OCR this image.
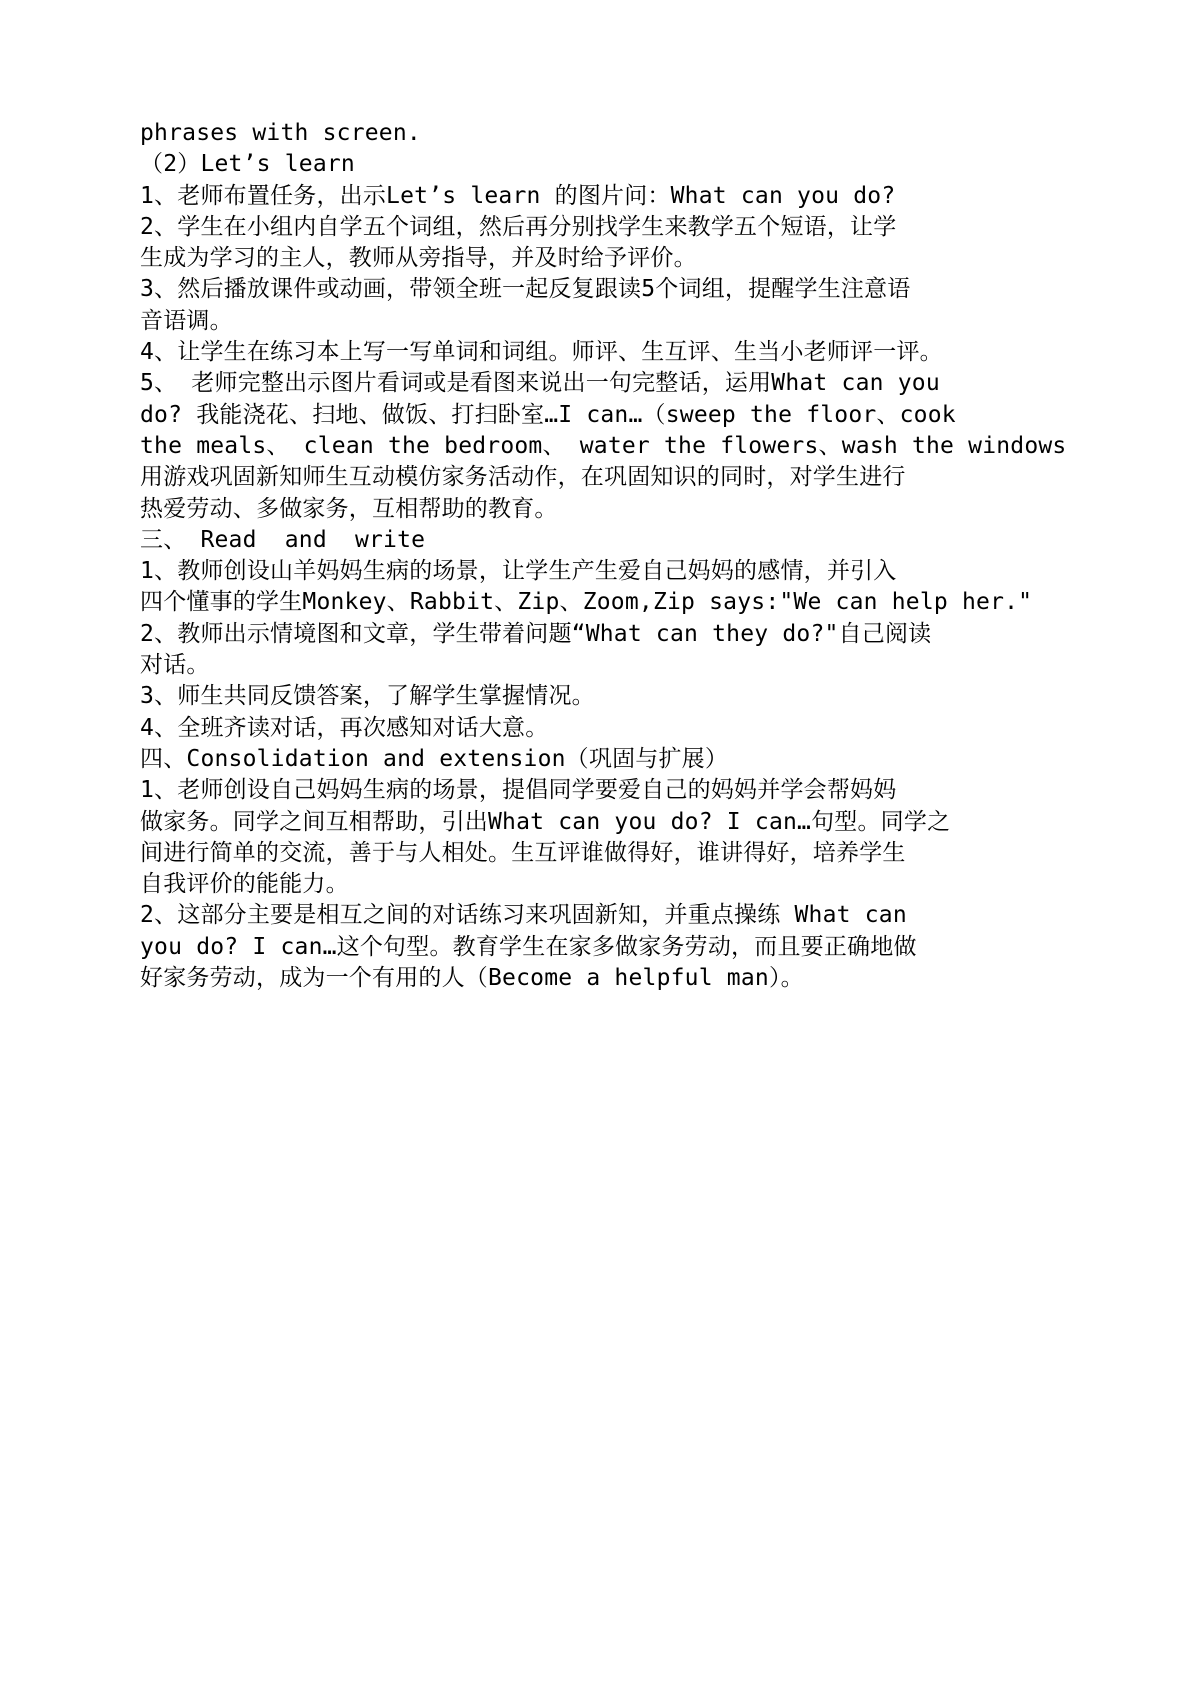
phrases with screen.
（2）Let’s learn
1、老师布置任务，出示Let’s learn 的图片问：What can you do?
2、学生在小组内自学五个词组，然后再分别找学生来教学五个短语，让学
生成为学习的主人，教师从旁指导，并及时给予评价。
3、然后播放课件或动画，带领全班一起反复跟读5个词组，提醒学生注意语
音语调。
4、让学生在练习本上写一写单词和词组。师评、生互评、生当小老师评一评。
5、 老师完整出示图片看词或是看图来说出一句完整话，运用What can you
do? 我能浇花、扫地、做饭、打扫卧室…I can…（sweep the floor、cook
the meals、 clean the bedroom、 water the flowers、wash the windows
用游戏巩固新知师生互动模仿家务活动作，在巩固知识的同时，对学生进行
热爱劳动、多做家务，互相帮助的教育。
三、 Read  and  write
1、教师创设山羊妈妈生病的场景，让学生产生爱自己妈妈的感情，并引入
四个懂事的学生Monkey、Rabbit、Zip、Zoom,Zip says:"We can help her."
2、教师出示情境图和文章，学生带着问题“What can they do?"自己阅读
对话。
3、师生共同反馈答案，了解学生掌握情况。
4、全班齐读对话，再次感知对话大意。
四、Consolidation and extension（巩固与扩展）
1、老师创设自己妈妈生病的场景，提倡同学要爱自己的妈妈并学会帮妈妈
做家务。同学之间互相帮助，引出What can you do? I can…句型。同学之
间进行简单的交流，善于与人相处。生互评谁做得好，谁讲得好，培养学生
自我评价的能能力。
2、这部分主要是相互之间的对话练习来巩固新知，并重点操练 What can
you do? I can…这个句型。教育学生在家多做家务劳动，而且要正确地做
好家务劳动，成为一个有用的人（Become a helpful man）。
